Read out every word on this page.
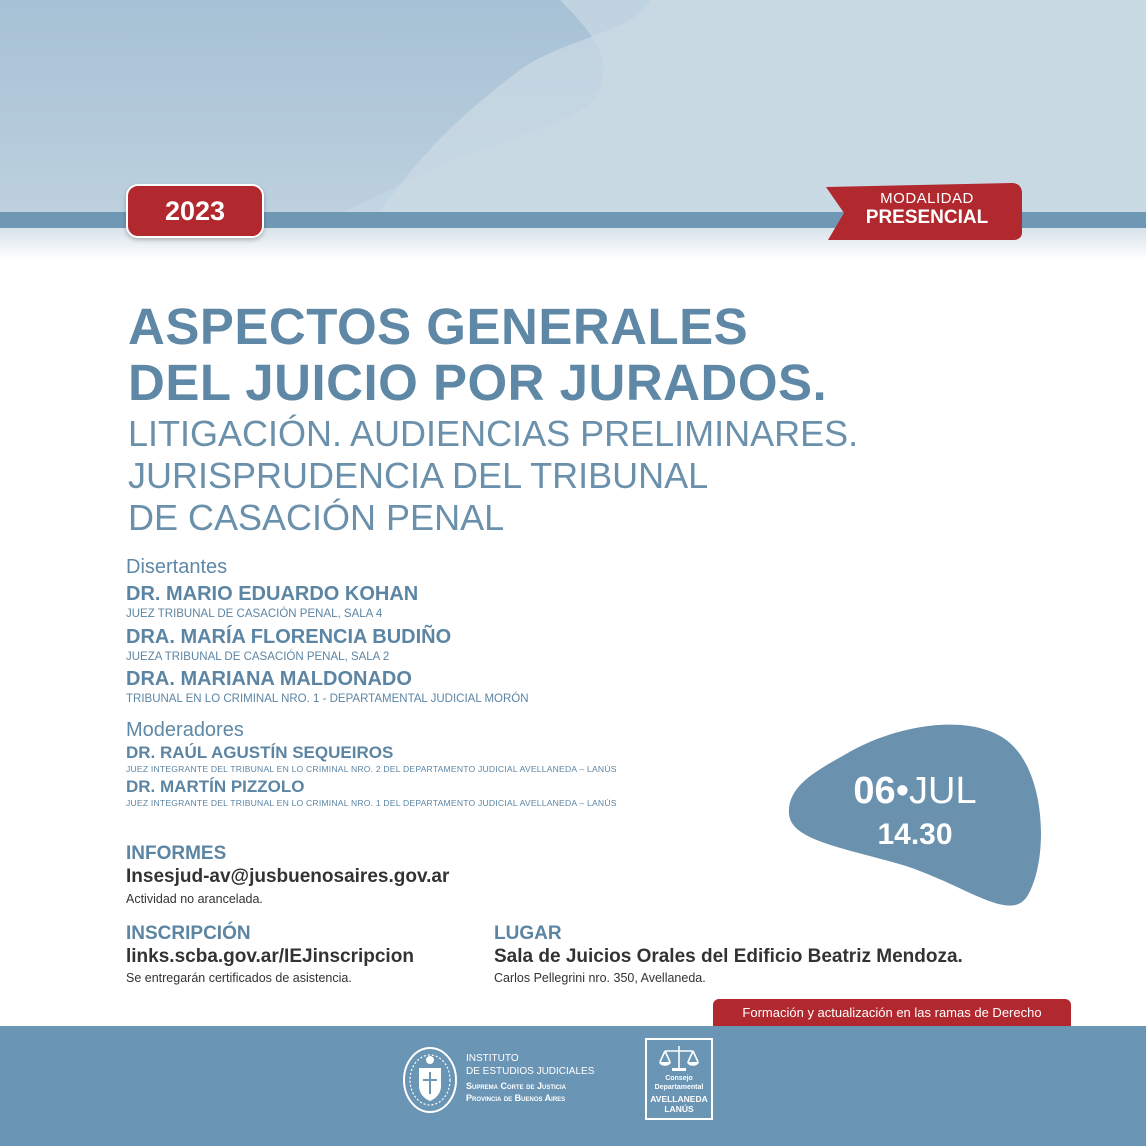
2023	MODALIDAD
PRESENCIAL
ASPECTOS GENERALES
DEL JUICIO POR JURADOS.
LITIGACIÓN. AUDIENCIAS PRELIMINARES.
JURISPRUDENCIA DEL TRIBUNAL
DE CASACIÓN PENAL
Disertantes
DR. MARIO EDUARDO KOHAN
JUEZ TRIBUNAL DE CASACIÓN PENAL, SALA 4
DRA. MARÍA FLORENCIA BUDIÑO
JUEZA TRIBUNAL DE CASACIÓN PENAL, SALA 2
DRA. MARIANA MALDONADO
TRIBUNAL EN LO CRIMINAL NRO. 1 - DEPARTAMENTAL JUDICIAL MORÓN
Moderadores
DR. RAÚL AGUSTÍN SEQUEIROS
JUEZ INTEGRANTE DEL TRIBUNAL EN LO CRIMINAL NRO. 2 DEL DEPARTAMENTO JUDICIAL AVELLANEDA – LANÚS
DR. MARTÍN PIZZOLO
JUEZ INTEGRANTE DEL TRIBUNAL EN LO CRIMINAL NRO. 1 DEL DEPARTAMENTO JUDICIAL AVELLANEDA – LANÚS	06•JUL
14.30
INFORMES
Insesjud-av@jusbuenosaires.gov.ar
Actividad no arancelada.
INSCRIPCIÓN
links.scba.gov.ar/IEJinscripcion
Se entregarán certificados de asistencia.
LUGAR
Sala de Juicios Orales del Edificio Beatriz Mendoza.
Carlos Pellegrini nro. 350, Avellaneda.
Formación y actualización en las ramas de Derecho
INSTITUTO
DE ESTUDIOS JUDICIALES
Suprema Corte de Justicia
Provincia de Buenos Aires
Consejo
Departamental
AVELLANEDA
LANÚS
